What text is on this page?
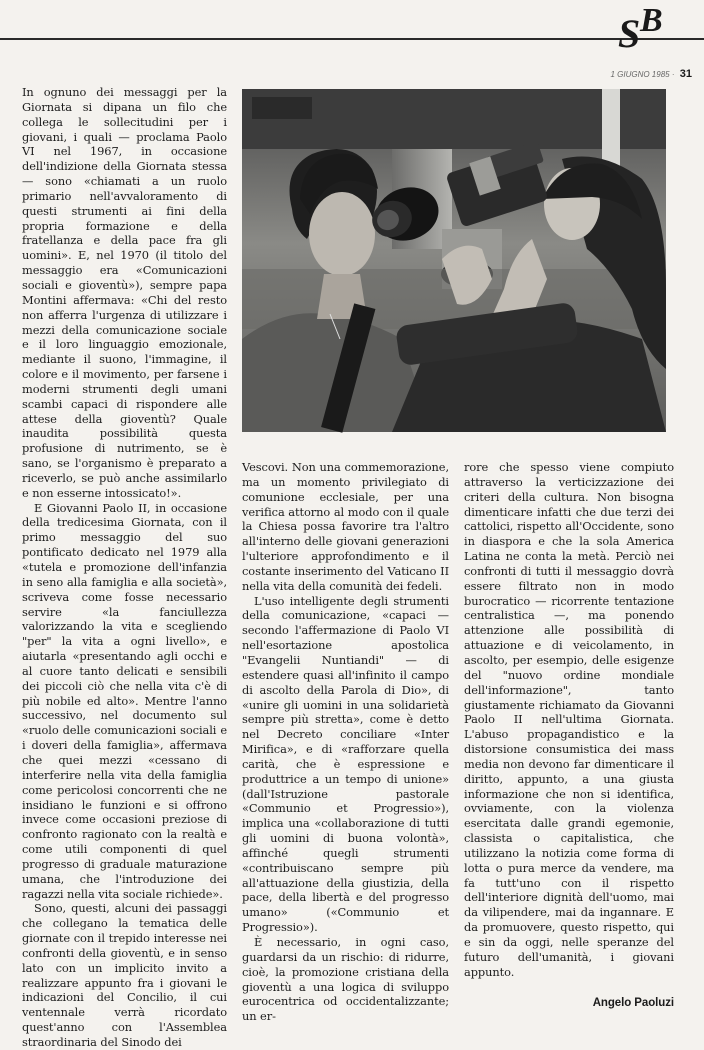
S B
1 GIUGNO 1985 · 31

In ognuno dei messaggi per la Giornata si dipana un filo che collega le sollecitudini per i giovani, i quali — proclama Paolo VI nel 1967, in occasione dell'indizione della Giornata stessa — sono «chiamati a un ruolo primario nell'avvaloramento di questi strumenti ai fini della propria formazione e della fratellanza e della pace fra gli uomini». E, nel 1970 (il titolo del messaggio era «Comunicazioni sociali e gioventù»), sempre papa Montini affermava: «Chi del resto non afferra l'urgenza di utilizzare i mezzi della comunicazione sociale e il loro linguaggio emozionale, mediante il suono, l'immagine, il colore e il movimento, per farsene i moderni strumenti degli umani scambi capaci di rispondere alle attese della gioventù? Quale inaudita possibilità questa profusione di nutrimento, se è sano, se l'organismo è preparato a riceverlo, se può anche assimilarlo e non esserne intossicato!».

E Giovanni Paolo II, in occasione della tredicesima Giornata, con il primo messaggio del suo pontificato dedicato nel 1979 alla «tutela e promozione dell'infanzia in seno alla famiglia e alla società», scriveva come fosse necessario servire «la fanciullezza valorizzando la vita e scegliendo "per" la vita a ogni livello», e aiutarla «presentando agli occhi e al cuore tanto delicati e sensibili dei piccoli ciò che nella vita c'è di più nobile ed alto». Mentre l'anno successivo, nel documento sul «ruolo delle comunicazioni sociali e i doveri della famiglia», affermava che quei mezzi «cessano di interferire nella vita della famiglia come pericolosi concorrenti che ne insidiano le funzioni e si offrono invece come occasioni preziose di confronto ragionato con la realtà e come utili componenti di quel progresso di graduale maturazione umana, che l'introduzione dei ragazzi nella vita sociale richiede».

Sono, questi, alcuni dei passaggi che collegano la tematica delle giornate con il trepido interesse nei confronti della gioventù, e in senso lato con un implicito invito a realizzare appunto fra i giovani le indicazioni del Concilio, il cui ventennale verrà ricordato quest'anno con l'Assemblea straordinaria del Sinodo dei

Vescovi. Non una commemorazione, ma un momento privilegiato di comunione ecclesiale, per una verifica attorno al modo con il quale la Chiesa possa favorire tra l'altro all'interno delle giovani generazioni l'ulteriore approfondimento e il costante inserimento del Vaticano II nella vita della comunità dei fedeli.

L'uso intelligente degli strumenti della comunicazione, «capaci — secondo l'affermazione di Paolo VI nell'esortazione apostolica "Evangelii Nuntiandi" — di estendere quasi all'infinito il campo di ascolto della Parola di Dio», di «unire gli uomini in una solidarietà sempre più stretta», come è detto nel Decreto conciliare «Inter Mirifica», e di «rafforzare quella carità, che è espressione e produttrice a un tempo di unione» (dall'Istruzione pastorale «Communio et Progressio»), implica una «collaborazione di tutti gli uomini di buona volontà», affinché quegli strumenti «contribuiscano sempre più all'attuazione della giustizia, della pace, della libertà e del progresso umano» («Communio et Progressio»).

È necessario, in ogni caso, guardarsi da un rischio: di ridurre, cioè, la promozione cristiana della gioventù a una logica di sviluppo eurocentrica od occidentalizzante; un er-

rore che spesso viene compiuto attraverso la verticizzazione dei criteri della cultura. Non bisogna dimenticare infatti che due terzi dei cattolici, rispetto all'Occidente, sono in diaspora e che la sola America Latina ne conta la metà. Perciò nei confronti di tutti il messaggio dovrà essere filtrato non in modo burocratico — ricorrente tentazione centralistica —, ma ponendo attenzione alle possibilità di attuazione e di veicolamento, in ascolto, per esempio, delle esigenze del "nuovo ordine mondiale dell'informazione", tanto giustamente richiamato da Giovanni Paolo II nell'ultima Giornata. L'abuso propagandistico e la distorsione consumistica dei mass media non devono far dimenticare il diritto, appunto, a una giusta informazione che non si identifica, ovviamente, con la violenza esercitata dalle grandi egemonie, classista o capitalistica, che utilizzano la notizia come forma di lotta o pura merce da vendere, ma fa tutt'uno con il rispetto dell'interiore dignità dell'uomo, mai da vilipendere, mai da ingannare. E da promuovere, questo rispetto, qui e sin da oggi, nelle speranze del futuro dell'umanità, i giovani appunto.

Angelo Paoluzi
